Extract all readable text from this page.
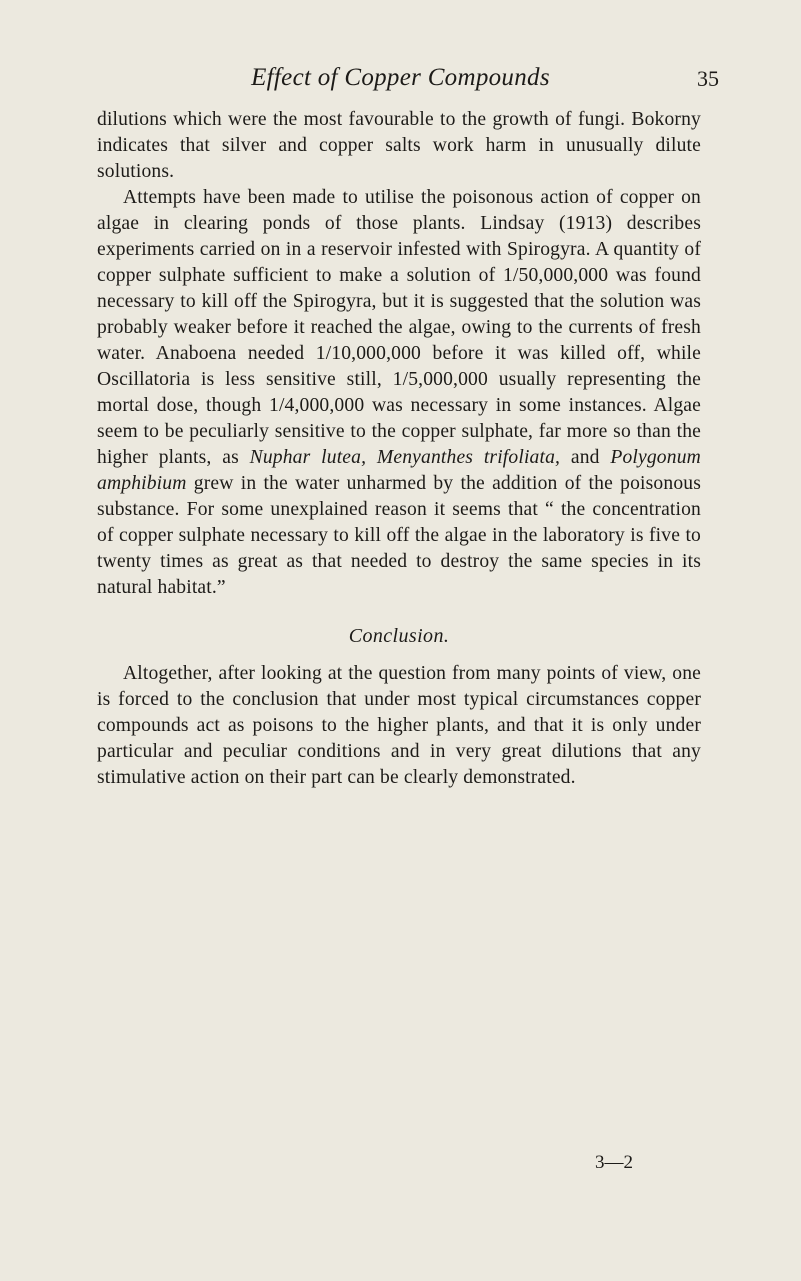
Effect of Copper Compounds	35

dilutions which were the most favourable to the growth of fungi. Bokorny indicates that silver and copper salts work harm in unusually dilute solutions.

Attempts have been made to utilise the poisonous action of copper on algae in clearing ponds of those plants. Lindsay (1913) describes experiments carried on in a reservoir infested with Spirogyra. A quantity of copper sulphate sufficient to make a solution of 1/50,000,000 was found necessary to kill off the Spirogyra, but it is suggested that the solution was probably weaker before it reached the algae, owing to the currents of fresh water. Anaboena needed 1/10,000,000 before it was killed off, while Oscillatoria is less sensitive still, 1/5,000,000 usually representing the mortal dose, though 1/4,000,000 was necessary in some instances. Algae seem to be peculiarly sensitive to the copper sulphate, far more so than the higher plants, as Nuphar lutea, Menyanthes trifoliata, and Polygonum amphibium grew in the water unharmed by the addition of the poisonous substance. For some unexplained reason it seems that “ the concentration of copper sulphate necessary to kill off the algae in the laboratory is five to twenty times as great as that needed to destroy the same species in its natural habitat.”

Conclusion.

Altogether, after looking at the question from many points of view, one is forced to the conclusion that under most typical circumstances copper compounds act as poisons to the higher plants, and that it is only under particular and peculiar conditions and in very great dilutions that any stimulative action on their part can be clearly demonstrated.

3—2
